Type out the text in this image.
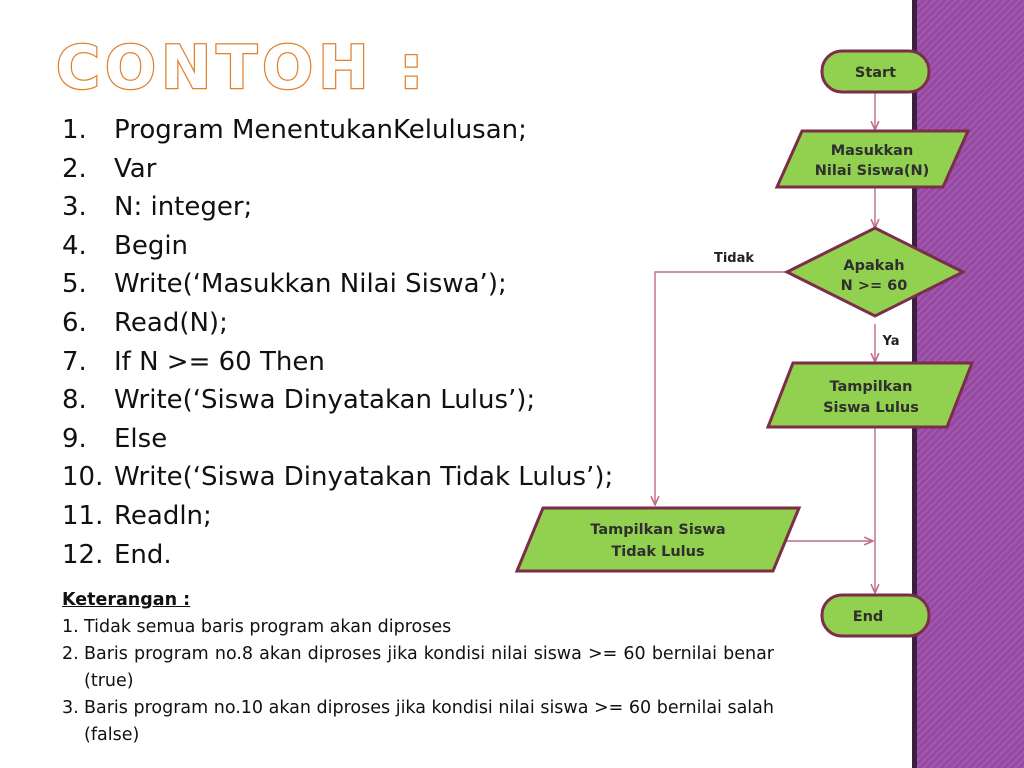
CONTOH :
1.	Program MenentukanKelulusan;
2.	Var
3.	N: integer;
4.	Begin
5.	Write(‘Masukkan Nilai Siswa’);
6.	Read(N);
7.	If N >= 60 Then
8.	Write(‘Siswa Dinyatakan Lulus’);
9.	Else
10. Write(‘Siswa Dinyatakan Tidak Lulus’);
11. Readln;
12. End.
Keterangan :
1. Tidak semua baris program akan diproses
2. Baris program no.8 akan diproses jika kondisi nilai siswa >= 60 bernilai benar (true)
3. Baris program no.10 akan diproses jika kondisi nilai siswa >= 60 bernilai salah (false)
Start
Masukkan
Nilai Siswa(N)
Apakah
N >= 60
Tampilkan
Siswa Lulus
Tampilkan Siswa
Tidak Lulus
End
Tidak
Ya
